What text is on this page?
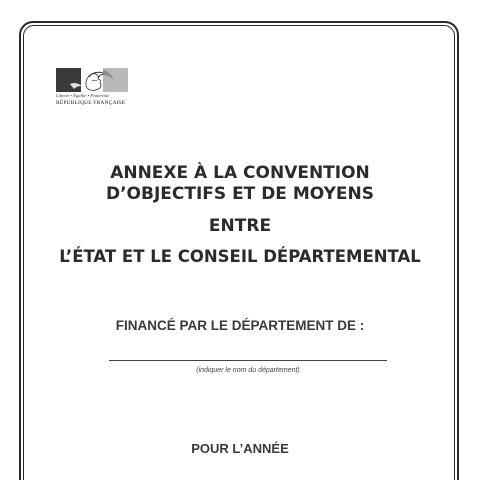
Liberté • Égalité • Fraternité
RÉPUBLIQUE FRANÇAISE
ANNEXE À LA CONVENTION
D’OBJECTIFS ET DE MOYENS
ENTRE
L’ÉTAT ET LE CONSEIL DÉPARTEMENTAL
FINANCÉ PAR LE DÉPARTEMENT DE :
(indiquer le nom du département)
POUR L’ANNÉE
